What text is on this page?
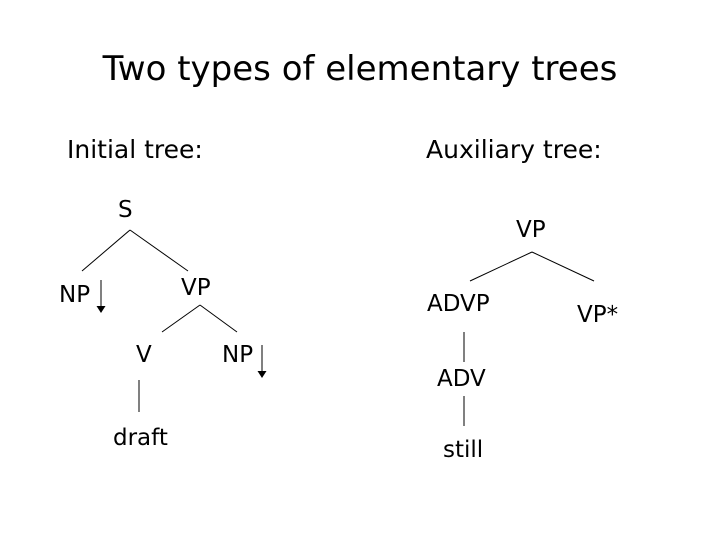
Two types of elementary trees
Initial tree:	Auxiliary tree:
S
NP	VP
V	NP
draft
VP
ADVP
ADV
still
VP*
